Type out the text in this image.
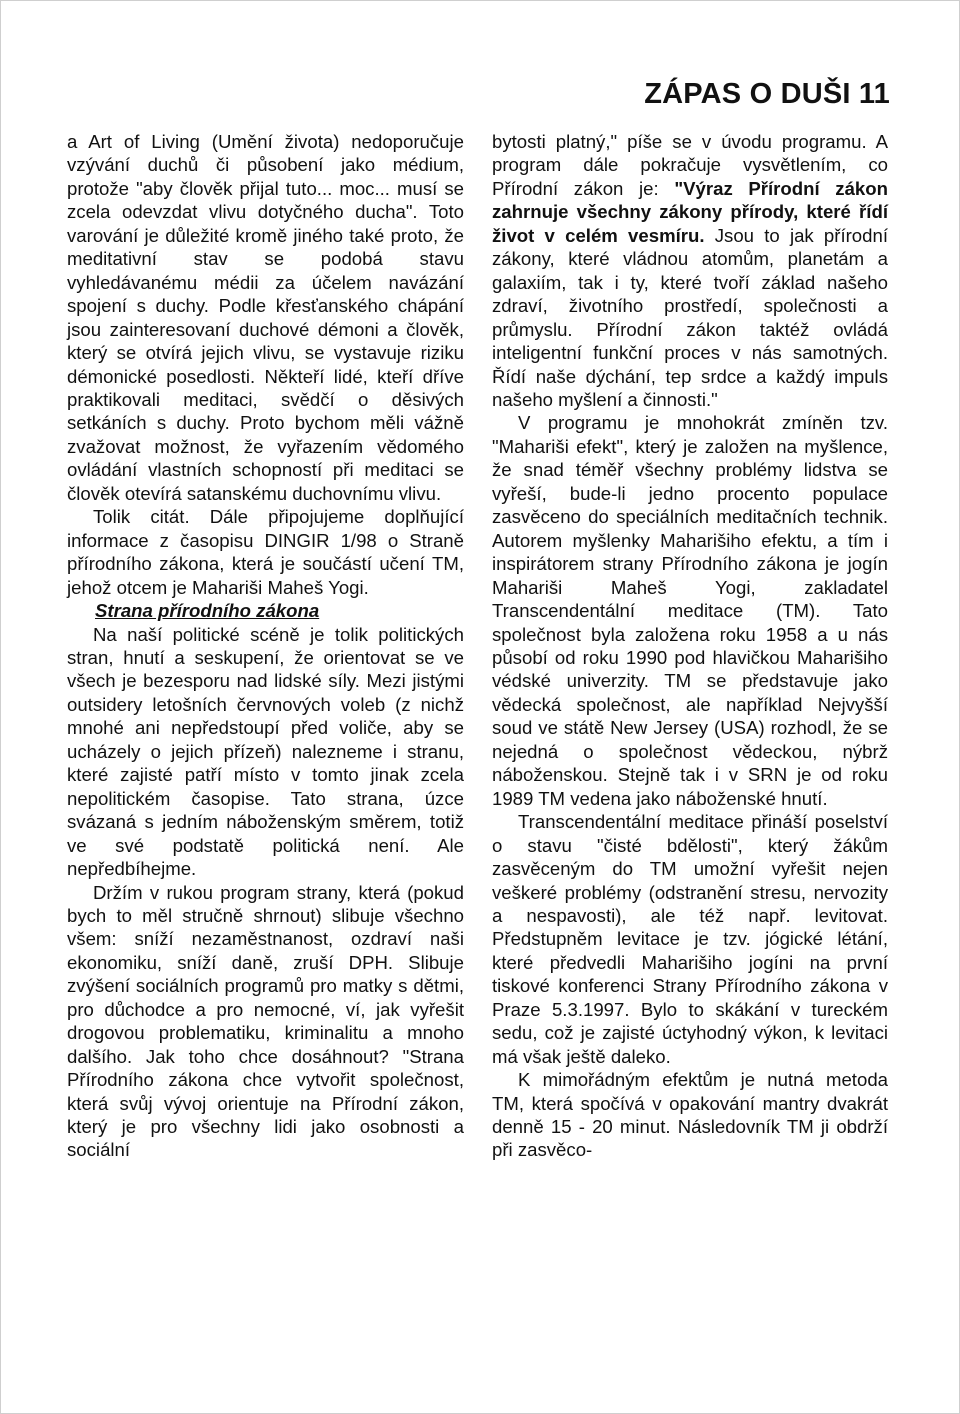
ZÁPAS O DUŠI 11

a Art of Living (Umění života) nedoporučuje vzývání duchů či působení jako médium, protože "aby člověk přijal tuto... moc... musí se zcela odevzdat vlivu dotyčného ducha". Toto varování je důležité kromě jiného také proto, že meditativní stav se podobá stavu vyhledávanému médii za účelem navázání spojení s duchy. Podle křesťanského chápání jsou zainteresovaní duchové démoni a člověk, který se otvírá jejich vlivu, se vystavuje riziku démonické posedlosti. Někteří lidé, kteří dříve praktikovali meditaci, svědčí o děsivých setkáních s duchy. Proto bychom měli vážně zvažovat možnost, že vyřazením vědomého ovládání vlastních schopností při meditaci se člověk otevírá satanskému duchovnímu vlivu.

Tolik citát. Dále připojujeme doplňující informace z časopisu DINGIR 1/98 o Straně přírodního zákona, která je součástí učení TM, jehož otcem je Mahariši Maheš Yogi.

Strana přírodního zákona

Na naší politické scéně je tolik politických stran, hnutí a seskupení, že orientovat se ve všech je bezesporu nad lidské síly. Mezi jistými outsidery letošních červnových voleb (z nichž mnohé ani nepředstoupí před voliče, aby se ucházely o jejich přízeň) nalezneme i stranu, které zajisté patří místo v tomto jinak zcela nepolitickém časopise. Tato strana, úzce svázaná s jedním náboženským směrem, totiž ve své podstatě politická není. Ale nepředbíhejme.

Držím v rukou program strany, která (pokud bych to měl stručně shrnout) slibuje všechno všem: sníží nezaměstnanost, ozdraví naši ekonomiku, sníží daně, zruší DPH. Slibuje zvýšení sociálních programů pro matky s dětmi, pro důchodce a pro nemocné, ví, jak vyřešit drogovou problematiku, kriminalitu a mnoho dalšího. Jak toho chce dosáhnout? "Strana Přírodního zákona chce vytvořit společnost, která svůj vývoj orientuje na Přírodní zákon, který je pro všechny lidi jako osobnosti a sociální

bytosti platný," píše se v úvodu programu. A program dále pokračuje vysvětlením, co Přírodní zákon je: "Výraz Přírodní zákon zahrnuje všechny zákony přírody, které řídí život v celém vesmíru. Jsou to jak přírodní zákony, které vládnou atomům, planetám a galaxiím, tak i ty, které tvoří základ našeho zdraví, životního prostředí, společnosti a průmyslu. Přírodní zákon taktéž ovládá inteligentní funkční proces v nás samotných. Řídí naše dýchání, tep srdce a každý impuls našeho myšlení a činnosti."

V programu je mnohokrát zmíněn tzv. "Mahariši efekt", který je založen na myšlence, že snad téměř všechny problémy lidstva se vyřeší, bude-li jedno procento populace zasvěceno do speciálních meditačních technik. Autorem myšlenky Maharišiho efektu, a tím i inspirátorem strany Přírodního zákona je jogín Mahariši Maheš Yogi, zakladatel Transcendentální meditace (TM). Tato společnost byla založena roku 1958 a u nás působí od roku 1990 pod hlavičkou Maharišiho védské univerzity. TM se představuje jako vědecká společnost, ale například Nejvyšší soud ve státě New Jersey (USA) rozhodl, že se nejedná o společnost vědeckou, nýbrž náboženskou. Stejně tak i v SRN je od roku 1989 TM vedena jako náboženské hnutí.

Transcendentální meditace přináší poselství o stavu "čisté bdělosti", který žákům zasvěceným do TM umožní vyřešit nejen veškeré problémy (odstranění stresu, nervozity a nespavosti), ale též např. levitovat. Předstupněm levitace je tzv. jógické létání, které předvedli Maharišiho jogíni na první tiskové konferenci Strany Přírodního zákona v Praze 5.3.1997. Bylo to skákání v tureckém sedu, což je zajisté úctyhodný výkon, k levitaci má však ještě daleko.

K mimořádným efektům je nutná metoda TM, která spočívá v opakování mantry dvakrát denně 15 - 20 minut. Následovník TM ji obdrží při zasvěco-
